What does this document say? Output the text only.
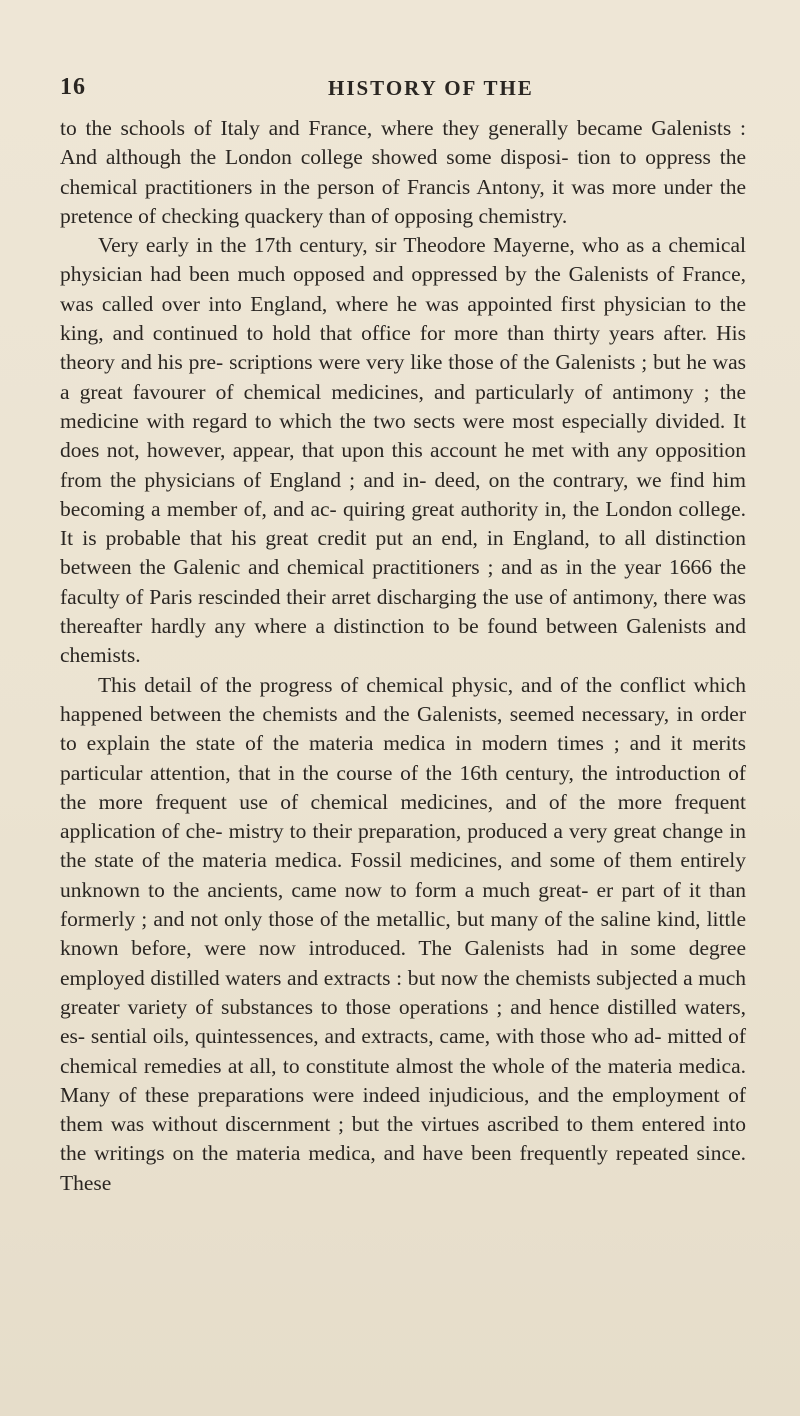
16	HISTORY OF THE

to the schools of Italy and France, where they generally became Galenists : And although the London college showed some disposi- tion to oppress the chemical practitioners in the person of Francis Antony, it was more under the pretence of checking quackery than of opposing chemistry.

Very early in the 17th century, sir Theodore Mayerne, who as a chemical physician had been much opposed and oppressed by the Galenists of France, was called over into England, where he was appointed first physician to the king, and continued to hold that office for more than thirty years after. His theory and his pre- scriptions were very like those of the Galenists ; but he was a great favourer of chemical medicines, and particularly of antimony ; the medicine with regard to which the two sects were most especially divided. It does not, however, appear, that upon this account he met with any opposition from the physicians of England ; and in- deed, on the contrary, we find him becoming a member of, and ac- quiring great authority in, the London college. It is probable that his great credit put an end, in England, to all distinction between the Galenic and chemical practitioners ; and as in the year 1666 the faculty of Paris rescinded their arret discharging the use of antimony, there was thereafter hardly any where a distinction to be found between Galenists and chemists.

This detail of the progress of chemical physic, and of the conflict which happened between the chemists and the Galenists, seemed necessary, in order to explain the state of the materia medica in modern times ; and it merits particular attention, that in the course of the 16th century, the introduction of the more frequent use of chemical medicines, and of the more frequent application of che- mistry to their preparation, produced a very great change in the state of the materia medica. Fossil medicines, and some of them entirely unknown to the ancients, came now to form a much great- er part of it than formerly ; and not only those of the metallic, but many of the saline kind, little known before, were now introduced. The Galenists had in some degree employed distilled waters and extracts : but now the chemists subjected a much greater variety of substances to those operations ; and hence distilled waters, es- sential oils, quintessences, and extracts, came, with those who ad- mitted of chemical remedies at all, to constitute almost the whole of the materia medica. Many of these preparations were indeed injudicious, and the employment of them was without discernment ; but the virtues ascribed to them entered into the writings on the materia medica, and have been frequently repeated since. These
